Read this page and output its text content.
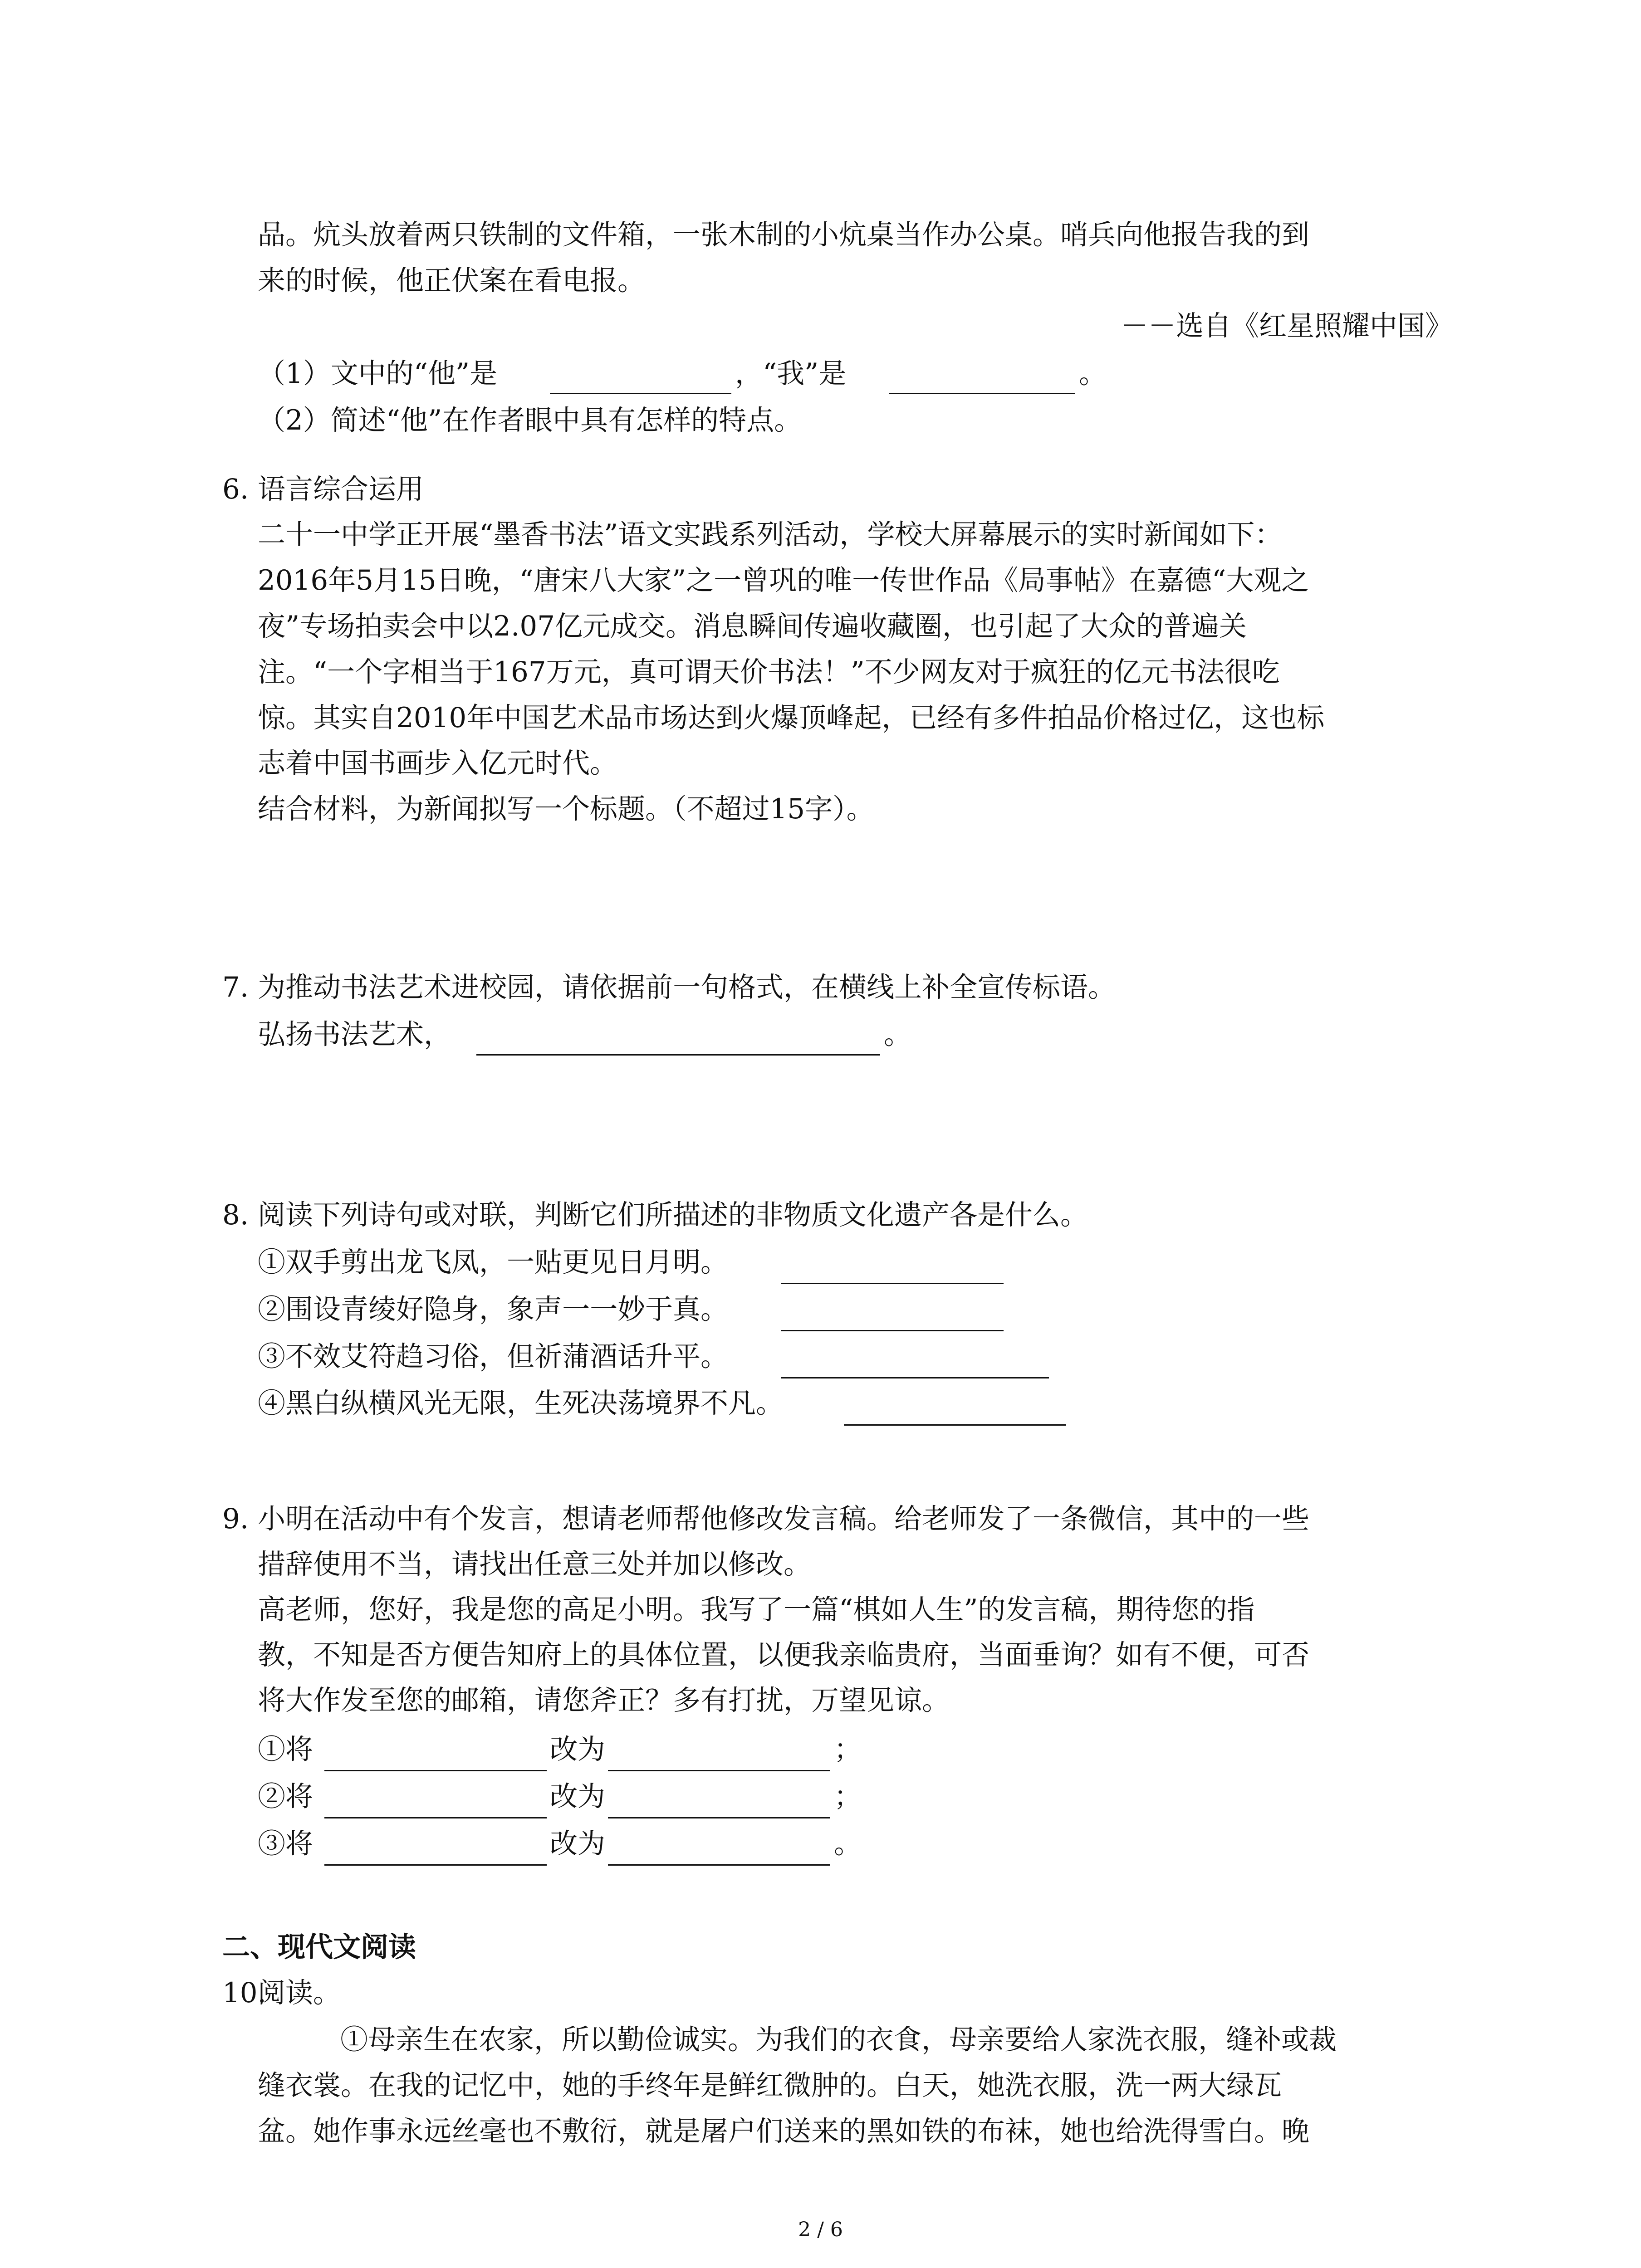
品。炕头放着两只铁制的文件箱，一张木制的小炕桌当作办公桌。哨兵向他报告我的到
来的时候，他正伏案在看电报。
－－选自《红星照耀中国》
（1）文中的“他”是	，“我”是	。
（2）简述“他”在作者眼中具有怎样的特点。
6. 语言综合运用
二十一中学正开展“墨香书法”语文实践系列活动，学校大屏幕展示的实时新闻如下：
2016年5月15日晚，“唐宋八大家”之一曾巩的唯一传世作品《局事帖》在嘉德“大观之
夜”专场拍卖会中以2.07亿元成交。消息瞬间传遍收藏圈，也引起了大众的普遍关
注。“一个字相当于167万元，真可谓天价书法！”不少网友对于疯狂的亿元书法很吃
惊。其实自2010年中国艺术品市场达到火爆顶峰起，已经有多件拍品价格过亿，这也标
志着中国书画步入亿元时代。
结合材料，为新闻拟写一个标题。（不超过15字）。
7. 为推动书法艺术进校园，请依据前一句格式，在横线上补全宣传标语。
弘扬书法艺术，	。
8. 阅读下列诗句或对联，判断它们所描述的非物质文化遗产各是什么。
①双手剪出龙飞凤，一贴更见日月明。
②围设青绫好隐身，象声一一妙于真。
③不效艾符趋习俗，但祈蒲酒话升平。
④黑白纵横风光无限，生死决荡境界不凡。
9. 小明在活动中有个发言，想请老师帮他修改发言稿。给老师发了一条微信，其中的一些
措辞使用不当，请找出任意三处并加以修改。
高老师，您好，我是您的高足小明。我写了一篇“棋如人生”的发言稿，期待您的指
教，不知是否方便告知府上的具体位置，以便我亲临贵府，当面垂询？如有不便，可否
将大作发至您的邮箱，请您斧正？多有打扰，万望见谅。
①将	改为	；
②将	改为	；
③将	改为	。
二、现代文阅读
10.
阅读。
①母亲生在农家，所以勤俭诚实。为我们的衣食，母亲要给人家洗衣服，缝补或裁
缝衣裳。在我的记忆中，她的手终年是鲜红微肿的。白天，她洗衣服，洗一两大绿瓦
盆。她作事永远丝毫也不敷衍，就是屠户们送来的黑如铁的布袜，她也给洗得雪白。晚
2 / 6
